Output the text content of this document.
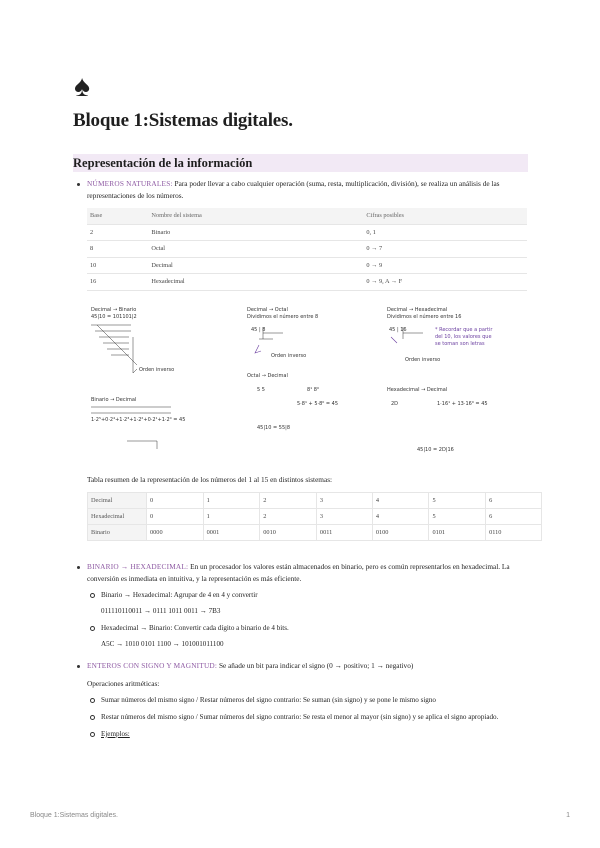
♠
Bloque 1:Sistemas digitales.
Representación de la información
NÚMEROS NATURALES: Para poder llevar a cabo cualquier operación (suma, resta, multiplicación, división), se realiza un análisis de las representaciones de los números.
Base	Nombre del sistema	Cifras posibles
2	Binario	0, 1
8	Octal	0 → 7
10	Decimal	0 → 9
16	Hexadecimal	0 → 9, A → F
Decimal → Binario
45|10 = 101101|2
Orden inverso
Binario → Decimal
1·2⁵+0·2⁴+1·2³+1·2²+0·2¹+1·2⁰ = 45
Decimal → Octal
Dividimos el número entre 8
45 | 8
Orden inverso
Octal → Decimal
5 5	8¹ 8⁰
5·8¹ + 5·8⁰ = 45
45|10 = 55|8
Decimal → Hexadecimal
Dividimos el número entre 16
45 | 16	* Recordar que a partir
del 10, los valores que
se toman son letras
Orden inverso
Hexadecimal → Decimal
2D	1·16¹ + 13·16⁰ = 45
45|10 = 2D|16
Tabla resumen de la representación de los números del 1 al 15 en distintos sistemas:
Decimal	0	1	2	3	4	5	6
Hexadecimal	0	1	2	3	4	5	6
Binario	0000	0001	0010	0011	0100	0101	0110
BINARIO → HEXADECIMAL: En un procesador los valores están almacenados en binario, pero es común representarlos en hexadecimal. La conversión es inmediata en intuitiva, y la representación es más eficiente.
Binario → Hexadecimal: Agrupar de 4 en 4 y convertir
011110110011 → 0111 1011 0011 → 7B3
Hexadecimal → Binario: Convertir cada dígito a binario de 4 bits.
A5C → 1010 0101 1100 → 101001011100
ENTEROS CON SIGNO Y MAGNITUD: Se añade un bit para indicar el signo (0 → positivo; 1 → negativo)
Operaciones aritméticas:
Sumar números del mismo signo / Restar números del signo contrario: Se suman (sin signo) y se pone le mismo signo
Restar números del mismo signo / Sumar números del signo contrario: Se resta el menor al mayor (sin signo) y se aplica el signo apropiado.
Ejemplos:
Bloque 1:Sistemas digitales.	1
